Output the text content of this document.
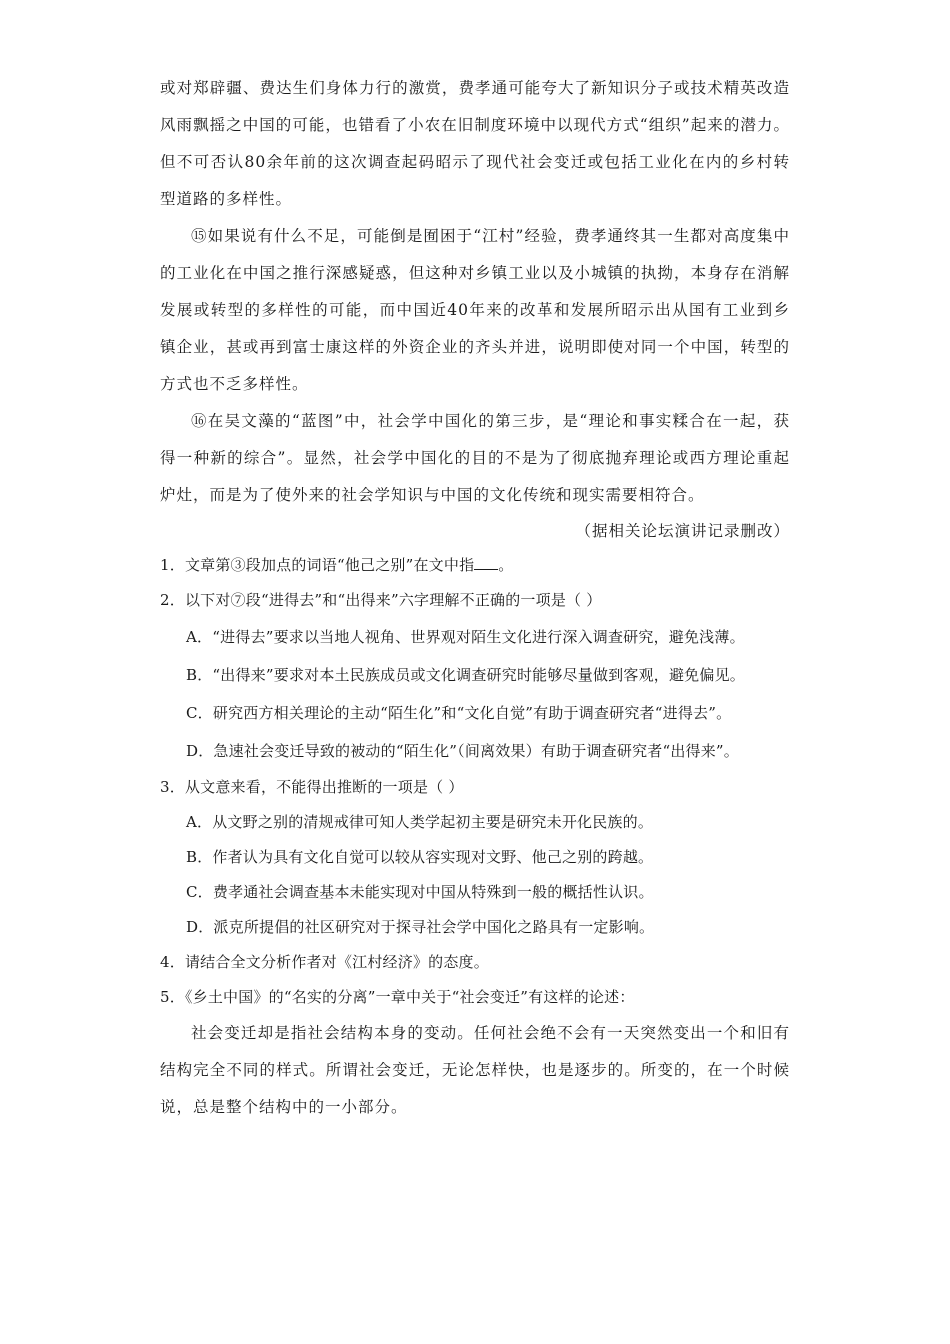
或对郑辟疆、费达生们身体力行的激赏，费孝通可能夸大了新知识分子或技术精英改造风雨飘摇之中国的可能，也错看了小农在旧制度环境中以现代方式“组织”起来的潜力。但不可否认80余年前的这次调查起码昭示了现代社会变迁或包括工业化在内的乡村转型道路的多样性。

⑮如果说有什么不足，可能倒是囿困于“江村”经验，费孝通终其一生都对高度集中的工业化在中国之推行深感疑惑，但这种对乡镇工业以及小城镇的执拗，本身存在消解发展或转型的多样性的可能，而中国近40年来的改革和发展所昭示出从国有工业到乡镇企业，甚或再到富士康这样的外资企业的齐头并进，说明即使对同一个中国，转型的方式也不乏多样性。

⑯在吴文藻的“蓝图”中，社会学中国化的第三步，是“理论和事实糅合在一起，获得一种新的综合”。显然，社会学中国化的目的不是为了彻底抛弃理论或西方理论重起炉灶，而是为了使外来的社会学知识与中国的文化传统和现实需要相符合。

（据相关论坛演讲记录删改）

1．文章第③段加点的词语“他己之别”在文中指 。

2．以下对⑦段“进得去”和“出得来”六字理解不正确的一项是（ ）

A．“进得去”要求以当地人视角、世界观对陌生文化进行深入调查研究，避免浅薄。

B．“出得来”要求对本土民族成员或文化调查研究时能够尽量做到客观，避免偏见。

C．研究西方相关理论的主动“陌生化”和“文化自觉”有助于调查研究者“进得去”。

D．急速社会变迁导致的被动的“陌生化”（间离效果）有助于调查研究者“出得来”。

3．从文意来看，不能得出推断的一项是（ ）

A．从文野之别的清规戒律可知人类学起初主要是研究未开化民族的。

B．作者认为具有文化自觉可以较从容实现对文野、他己之别的跨越。

C．费孝通社会调查基本未能实现对中国从特殊到一般的概括性认识。

D．派克所提倡的社区研究对于探寻社会学中国化之路具有一定影响。

4．请结合全文分析作者对《江村经济》的态度。

5．《乡土中国》的“名实的分离”一章中关于“社会变迁”有这样的论述：

社会变迁却是指社会结构本身的变动。任何社会绝不会有一天突然变出一个和旧有结构完全不同的样式。所谓社会变迁，无论怎样快，也是逐步的。所变的，在一个时候说，总是整个结构中的一小部分。
